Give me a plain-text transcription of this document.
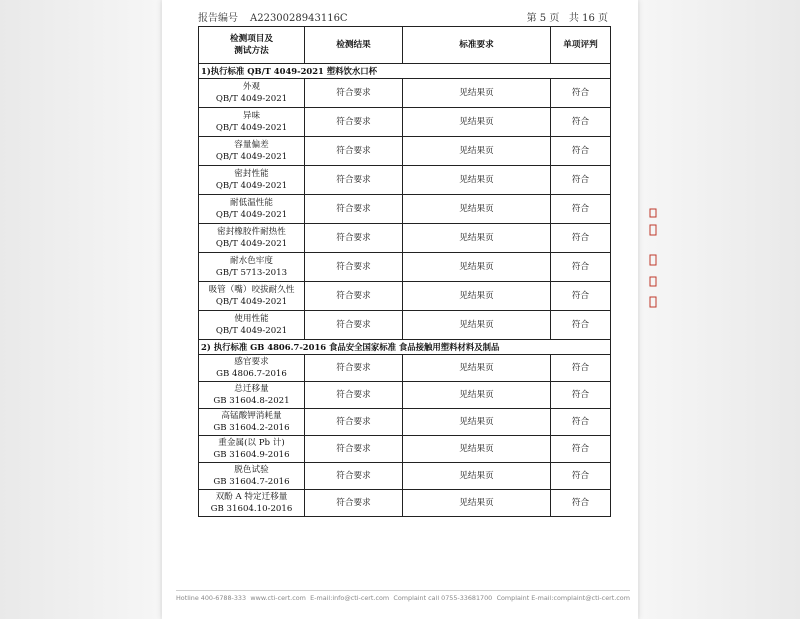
报告编号 A2230028943116C	第 5 页 共 16 页
检测项目及
测试方法	检测结果	标准要求	单项评判
1)执行标准 QB/T 4049-2021 塑料饮水口杯			

外观
QB/T 4049-2021	符合要求	见结果页	符合

异味
QB/T 4049-2021	符合要求	见结果页	符合

容量偏差
QB/T 4049-2021	符合要求	见结果页	符合

密封性能
QB/T 4049-2021	符合要求	见结果页	符合

耐低温性能
QB/T 4049-2021	符合要求	见结果页	符合

密封橡胶件耐热性
QB/T 4049-2021	符合要求	见结果页	符合

耐水色牢度
GB/T 5713-2013	符合要求	见结果页	符合

吸管（嘴）咬拔耐久性
QB/T 4049-2021	符合要求	见结果页	符合

使用性能
QB/T 4049-2021	符合要求	见结果页	符合
2) 执行标准 GB 4806.7-2016 食品安全国家标准 食品接触用塑料材料及制品			

感官要求
GB 4806.7-2016	符合要求	见结果页	符合

总迁移量
GB 31604.8-2021	符合要求	见结果页	符合

高锰酸钾消耗量
GB 31604.2-2016	符合要求	见结果页	符合

重金属(以 Pb 计)
GB 31604.9-2016	符合要求	见结果页	符合

脱色试验
GB 31604.7-2016	符合要求	见结果页	符合

双酚 A 特定迁移量
GB 31604.10-2016	符合要求	见结果页	符合
Hotline 400-6788-333 www.cti-cert.com E-mail:info@cti-cert.com Complaint call 0755-33681700 Complaint E-mail:complaint@cti-cert.com
